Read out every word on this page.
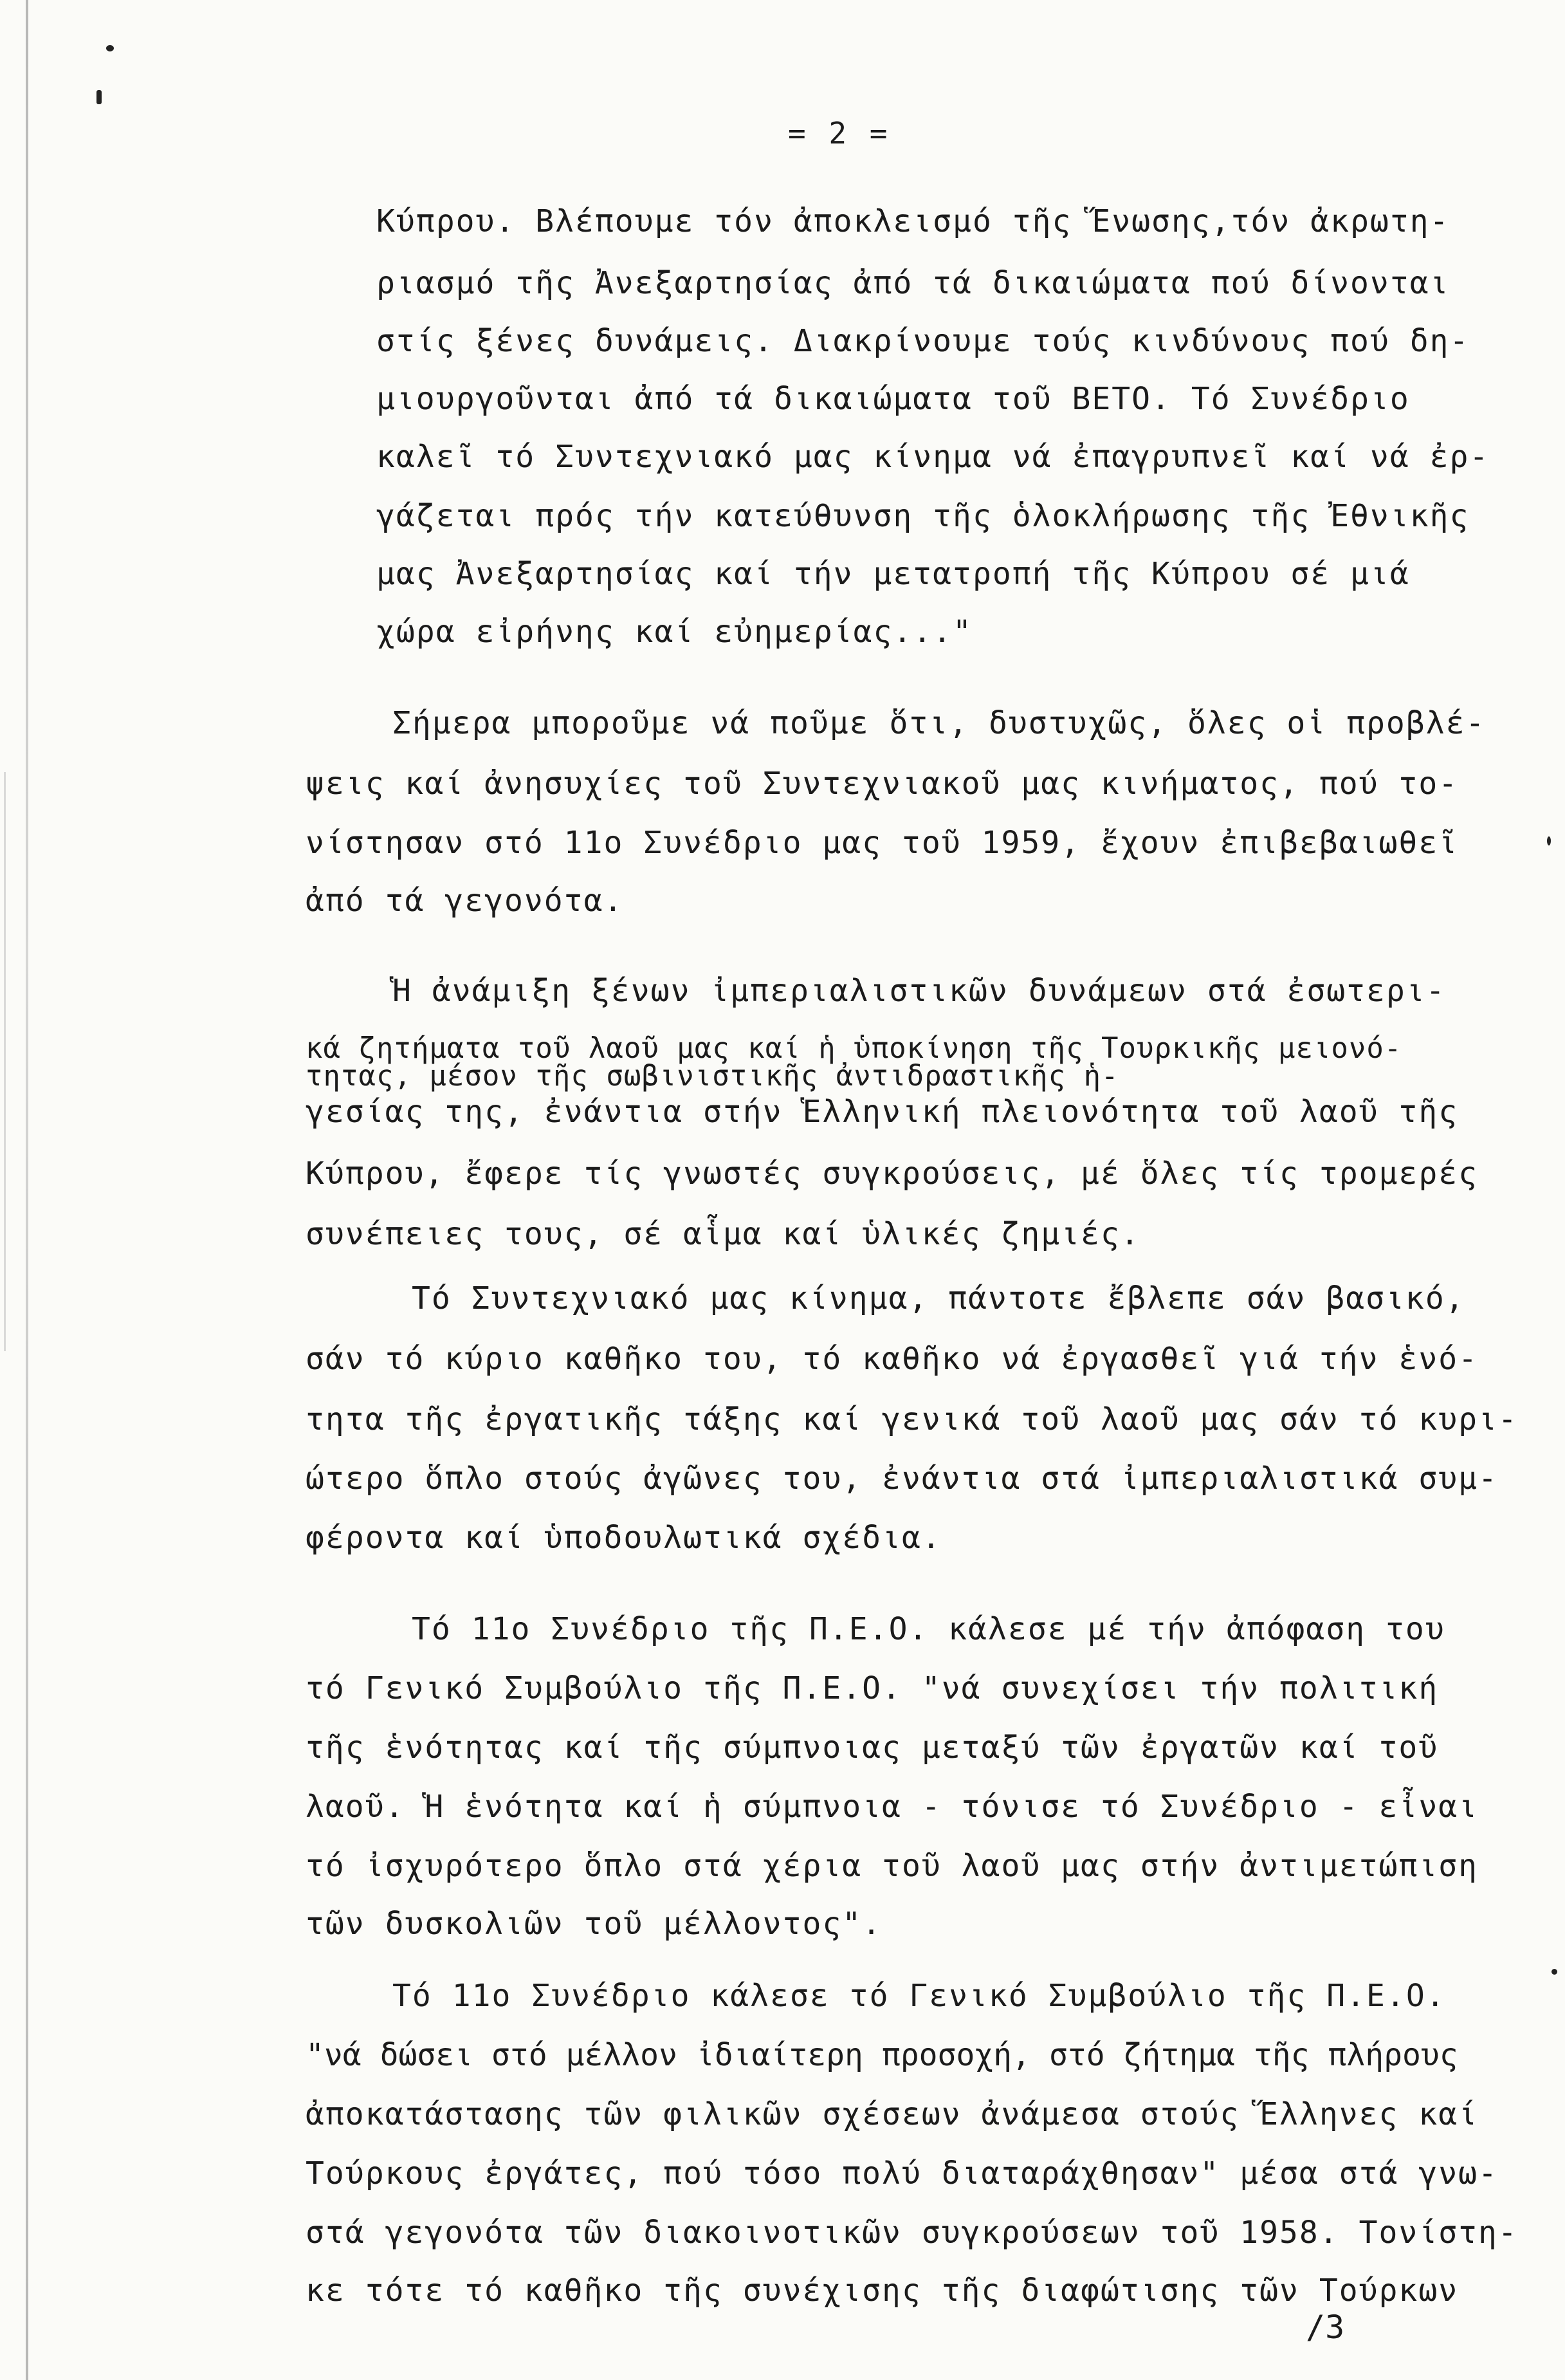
= 2 =
Κύπρου. Βλέπουμε τόν ἀποκλεισμό τῆς Ἕνωσης,τόν ἀκρωτη-
ριασμό τῆς Ἀνεξαρτησίας ἀπό τά δικαιώματα πού δίνονται
στίς ξένες δυνάμεις. Διακρίνουμε τούς κινδύνους πού δη-
μιουργοῦνται ἀπό τά δικαιώματα τοῦ ΒΕΤΟ. Τό Συνέδριο
καλεῖ τό Συντεχνιακό μας κίνημα νά ἐπαγρυπνεῖ καί νά ἐρ-
γάζεται πρός τήν κατεύθυνση τῆς ὁλοκλήρωσης τῆς Ἐθνικῆς
μας Ἀνεξαρτησίας καί τήν μετατροπή τῆς Κύπρου σέ μιά
χώρα εἰρήνης καί εὐημερίας..."
Σήμερα μποροῦμε νά ποῦμε ὅτι, δυστυχῶς, ὅλες οἱ προβλέ-
ψεις καί ἀνησυχίες τοῦ Συντεχνιακοῦ μας κινήματος, πού το-
νίστησαν στό 11ο Συνέδριο μας τοῦ 1959, ἔχουν ἐπιβεβαιωθεῖ
ἀπό τά γεγονότα.
Ἡ ἀνάμιξη ξένων ἰμπεριαλιστικῶν δυνάμεων στά ἐσωτερι-
κά ζητήματα τοῦ λαοῦ μας καί ἡ ὑποκίνηση τῆς Τουρκικῆς μειονό-
τητας, μέσον τῆς σωβινιστικῆς ἀντιδραστικῆς ἡ-
γεσίας της, ἐνάντια στήν Ἑλληνική πλειονότητα τοῦ λαοῦ τῆς
Κύπρου, ἔφερε τίς γνωστές συγκρούσεις, μέ ὅλες τίς τρομερές
συνέπειες τους, σέ αἷμα καί ὑλικές ζημιές.
Τό Συντεχνιακό μας κίνημα, πάντοτε ἔβλεπε σάν βασικό,
σάν τό κύριο καθῆκο του, τό καθῆκο νά ἐργασθεῖ γιά τήν ἑνό-
τητα τῆς ἐργατικῆς τάξης καί γενικά τοῦ λαοῦ μας σάν τό κυρι-
ώτερο ὅπλο στούς ἀγῶνες του, ἐνάντια στά ἰμπεριαλιστικά συμ-
φέροντα καί ὑποδουλωτικά σχέδια.
Τό 11ο Συνέδριο τῆς Π.Ε.Ο. κάλεσε μέ τήν ἀπόφαση του
τό Γενικό Συμβούλιο τῆς Π.Ε.Ο. "νά συνεχίσει τήν πολιτική
τῆς ἑνότητας καί τῆς σύμπνοιας μεταξύ τῶν ἐργατῶν καί τοῦ
λαοῦ. Ἡ ἑνότητα καί ἡ σύμπνοια - τόνισε τό Συνέδριο - εἶναι
τό ἰσχυρότερο ὅπλο στά χέρια τοῦ λαοῦ μας στήν ἀντιμετώπιση
τῶν δυσκολιῶν τοῦ μέλλοντος".
Τό 11ο Συνέδριο κάλεσε τό Γενικό Συμβούλιο τῆς Π.Ε.Ο.
"νά δώσει στό μέλλον ἰδιαίτερη προσοχή, στό ζήτημα τῆς πλήρους
ἀποκατάστασης τῶν φιλικῶν σχέσεων ἀνάμεσα στούς Ἕλληνες καί
Τούρκους ἐργάτες, πού τόσο πολύ διαταράχθησαν" μέσα στά γνω-
στά γεγονότα τῶν διακοινοτικῶν συγκρούσεων τοῦ 1958. Τονίστη-
κε τότε τό καθῆκο τῆς συνέχισης τῆς διαφώτισης τῶν Τούρκων
/3
